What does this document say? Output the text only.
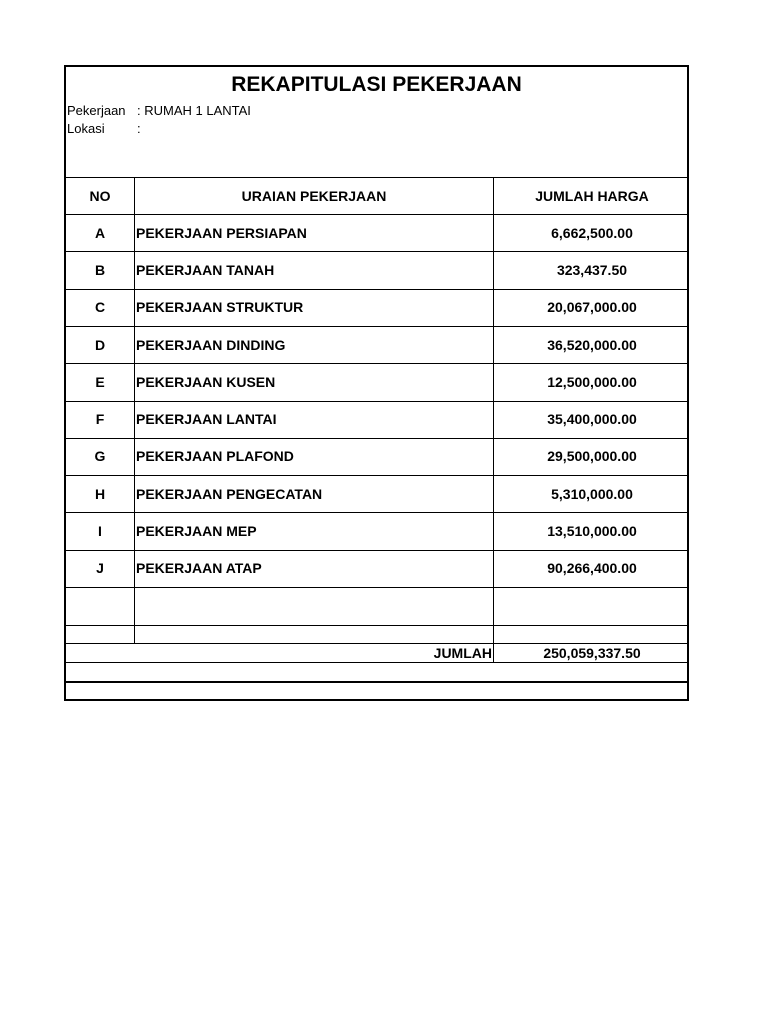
REKAPITULASI PEKERJAAN
Pekerjaan : RUMAH 1 LANTAI
Lokasi :
NO	URAIAN PEKERJAAN	JUMLAH HARGA
A	PEKERJAAN PERSIAPAN	6,662,500.00
B	PEKERJAAN TANAH	323,437.50
C	PEKERJAAN STRUKTUR	20,067,000.00
D	PEKERJAAN DINDING	36,520,000.00
E	PEKERJAAN KUSEN	12,500,000.00
F	PEKERJAAN LANTAI	35,400,000.00
G	PEKERJAAN PLAFOND	29,500,000.00
H	PEKERJAAN PENGECATAN	5,310,000.00
I	PEKERJAAN MEP	13,510,000.00
J	PEKERJAAN ATAP	90,266,400.00
JUMLAH	250,059,337.50
